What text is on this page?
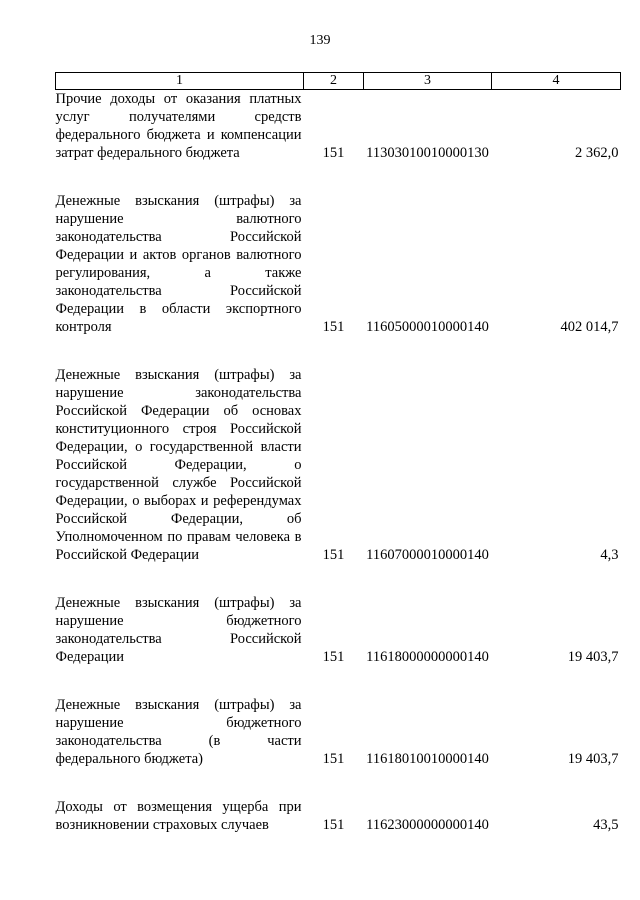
139
1	2	3	4
Прочие доходы от оказания платных услуг получателями средств федерального бюджета и компенсации затрат федерального бюджета	151	11303010010000130	2 362,0

Денежные взыскания (штрафы) за нарушение валютного законодательства Российской Федерации и актов органов валютного регулирования, а также законодательства Российской Федерации в области экспортного контроля	151	11605000010000140	402 014,7

Денежные взыскания (штрафы) за нарушение законодательства Российской Федерации об основах конституционного строя Российской Федерации, о государственной власти Российской Федерации, о государственной службе Российской Федерации, о выборах и референдумах Российской Федерации, об Уполномоченном по правам человека в Российской Федерации	151	11607000010000140	4,3

Денежные взыскания (штрафы) за нарушение бюджетного законодательства Российской Федерации	151	11618000000000140	19 403,7

Денежные взыскания (штрафы) за нарушение бюджетного законодательства (в части федерального бюджета)	151	11618010010000140	19 403,7

Доходы от возмещения ущерба при возникновении страховых случаев	151	11623000000000140	43,5
